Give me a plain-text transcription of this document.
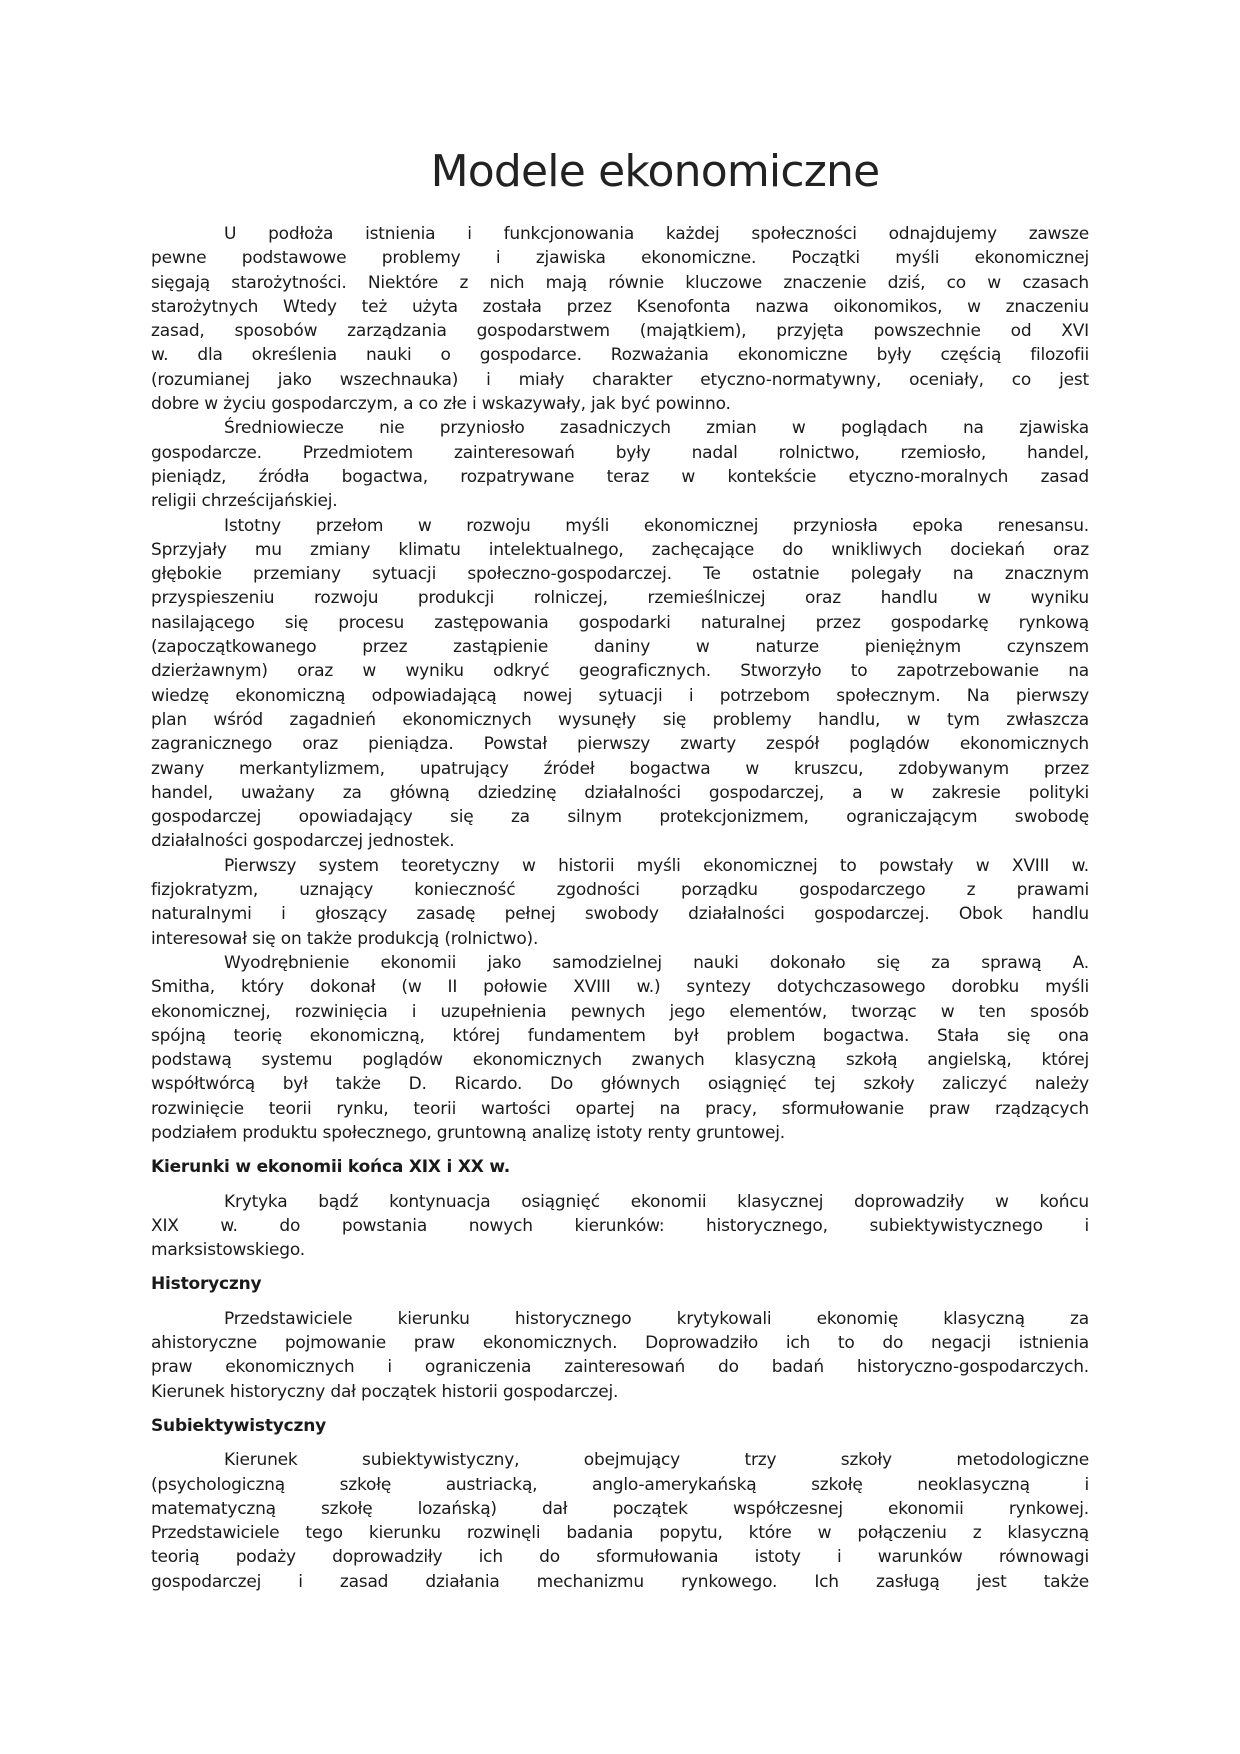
Modele ekonomiczne
U podłoża istnienia i funkcjonowania każdej społeczności odnajdujemy zawsze
pewne podstawowe problemy i zjawiska ekonomiczne. Początki myśli ekonomicznej
sięgają starożytności. Niektóre z nich mają równie kluczowe znaczenie dziś, co w czasach
starożytnych Wtedy też użyta została przez Ksenofonta nazwa oikonomikos, w znaczeniu
zasad, sposobów zarządzania gospodarstwem (majątkiem), przyjęta powszechnie od XVI
w. dla określenia nauki o gospodarce. Rozważania ekonomiczne były częścią filozofii
(rozumianej jako wszechnauka) i miały charakter etyczno-normatywny, oceniały, co jest
dobre w życiu gospodarczym, a co złe i wskazywały, jak być powinno.
Średniowiecze nie przyniosło zasadniczych zmian w poglądach na zjawiska
gospodarcze. Przedmiotem zainteresowań były nadal rolnictwo, rzemiosło, handel,
pieniądz, źródła bogactwa, rozpatrywane teraz w kontekście etyczno-moralnych zasad
religii chrześcijańskiej.
Istotny przełom w rozwoju myśli ekonomicznej przyniosła epoka renesansu.
Sprzyjały mu zmiany klimatu intelektualnego, zachęcające do wnikliwych dociekań oraz
głębokie przemiany sytuacji społeczno-gospodarczej. Te ostatnie polegały na znacznym
przyspieszeniu rozwoju produkcji rolniczej, rzemieślniczej oraz handlu w wyniku
nasilającego się procesu zastępowania gospodarki naturalnej przez gospodarkę rynkową
(zapoczątkowanego przez zastąpienie daniny w naturze pieniężnym czynszem
dzierżawnym) oraz w wyniku odkryć geograficznych. Stworzyło to zapotrzebowanie na
wiedzę ekonomiczną odpowiadającą nowej sytuacji i potrzebom społecznym. Na pierwszy
plan wśród zagadnień ekonomicznych wysunęły się problemy handlu, w tym zwłaszcza
zagranicznego oraz pieniądza. Powstał pierwszy zwarty zespół poglądów ekonomicznych
zwany merkantylizmem, upatrujący źródeł bogactwa w kruszcu, zdobywanym przez
handel, uważany za główną dziedzinę działalności gospodarczej, a w zakresie polityki
gospodarczej opowiadający się za silnym protekcjonizmem, ograniczającym swobodę
działalności gospodarczej jednostek.
Pierwszy system teoretyczny w historii myśli ekonomicznej to powstały w XVIII w.
fizjokratyzm, uznający konieczność zgodności porządku gospodarczego z prawami
naturalnymi i głoszący zasadę pełnej swobody działalności gospodarczej. Obok handlu
interesował się on także produkcją (rolnictwo).
Wyodrębnienie ekonomii jako samodzielnej nauki dokonało się za sprawą A.
Smitha, który dokonał (w II połowie XVIII w.) syntezy dotychczasowego dorobku myśli
ekonomicznej, rozwinięcia i uzupełnienia pewnych jego elementów, tworząc w ten sposób
spójną teorię ekonomiczną, której fundamentem był problem bogactwa. Stała się ona
podstawą systemu poglądów ekonomicznych zwanych klasyczną szkołą angielską, której
współtwórcą był także D. Ricardo. Do głównych osiągnięć tej szkoły zaliczyć należy
rozwinięcie teorii rynku, teorii wartości opartej na pracy, sformułowanie praw rządzących
podziałem produktu społecznego, gruntowną analizę istoty renty gruntowej.
Kierunki w ekonomii końca XIX i XX w.
Krytyka bądź kontynuacja osiągnięć ekonomii klasycznej doprowadziły w końcu
XIX w. do powstania nowych kierunków: historycznego, subiektywistycznego i
marksistowskiego.
Historyczny
Przedstawiciele kierunku historycznego krytykowali ekonomię klasyczną za
ahistoryczne pojmowanie praw ekonomicznych. Doprowadziło ich to do negacji istnienia
praw ekonomicznych i ograniczenia zainteresowań do badań historyczno-gospodarczych.
Kierunek historyczny dał początek historii gospodarczej.
Subiektywistyczny
Kierunek subiektywistyczny, obejmujący trzy szkoły metodologiczne
(psychologiczną szkołę austriacką, anglo-amerykańską szkołę neoklasyczną i
matematyczną szkołę lozańską) dał początek współczesnej ekonomii rynkowej.
Przedstawiciele tego kierunku rozwinęli badania popytu, które w połączeniu z klasyczną
teorią podaży doprowadziły ich do sformułowania istoty i warunków równowagi
gospodarczej i zasad działania mechanizmu rynkowego. Ich zasługą jest także
